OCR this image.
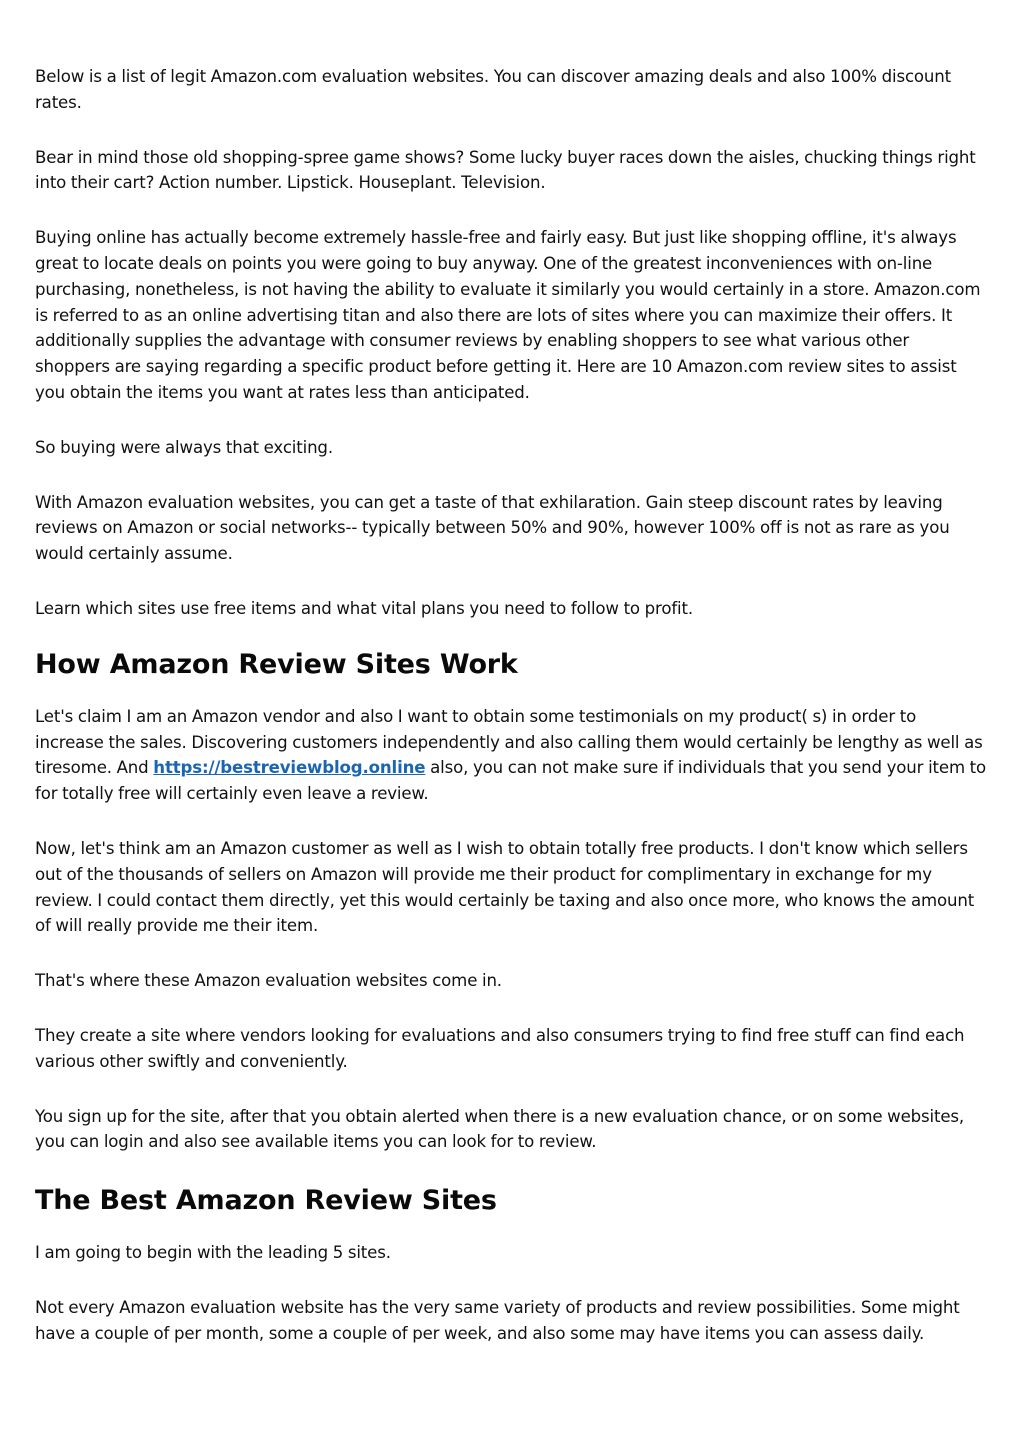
Below is a list of legit Amazon.com evaluation websites. You can discover amazing deals and also 100% discount rates.

Bear in mind those old shopping-spree game shows? Some lucky buyer races down the aisles, chucking things right into their cart? Action number. Lipstick. Houseplant. Television.

Buying online has actually become extremely hassle-free and fairly easy. But just like shopping offline, it's always great to locate deals on points you were going to buy anyway. One of the greatest inconveniences with on-line purchasing, nonetheless, is not having the ability to evaluate it similarly you would certainly in a store. Amazon.com is referred to as an online advertising titan and also there are lots of sites where you can maximize their offers. It additionally supplies the advantage with consumer reviews by enabling shoppers to see what various other shoppers are saying regarding a specific product before getting it. Here are 10 Amazon.com review sites to assist you obtain the items you want at rates less than anticipated.

So buying were always that exciting.

With Amazon evaluation websites, you can get a taste of that exhilaration. Gain steep discount rates by leaving reviews on Amazon or social networks-- typically between 50% and 90%, however 100% off is not as rare as you would certainly assume.

Learn which sites use free items and what vital plans you need to follow to profit.

How Amazon Review Sites Work

Let's claim I am an Amazon vendor and also I want to obtain some testimonials on my product( s) in order to increase the sales. Discovering customers independently and also calling them would certainly be lengthy as well as tiresome. And https://bestreviewblog.online also, you can not make sure if individuals that you send your item to for totally free will certainly even leave a review.

Now, let's think am an Amazon customer as well as I wish to obtain totally free products. I don't know which sellers out of the thousands of sellers on Amazon will provide me their product for complimentary in exchange for my review. I could contact them directly, yet this would certainly be taxing and also once more, who knows the amount of will really provide me their item.

That's where these Amazon evaluation websites come in.

They create a site where vendors looking for evaluations and also consumers trying to find free stuff can find each various other swiftly and conveniently.

You sign up for the site, after that you obtain alerted when there is a new evaluation chance, or on some websites, you can login and also see available items you can look for to review.

The Best Amazon Review Sites

I am going to begin with the leading 5 sites.

Not every Amazon evaluation website has the very same variety of products and review possibilities. Some might have a couple of per month, some a couple of per week, and also some may have items you can assess daily.
